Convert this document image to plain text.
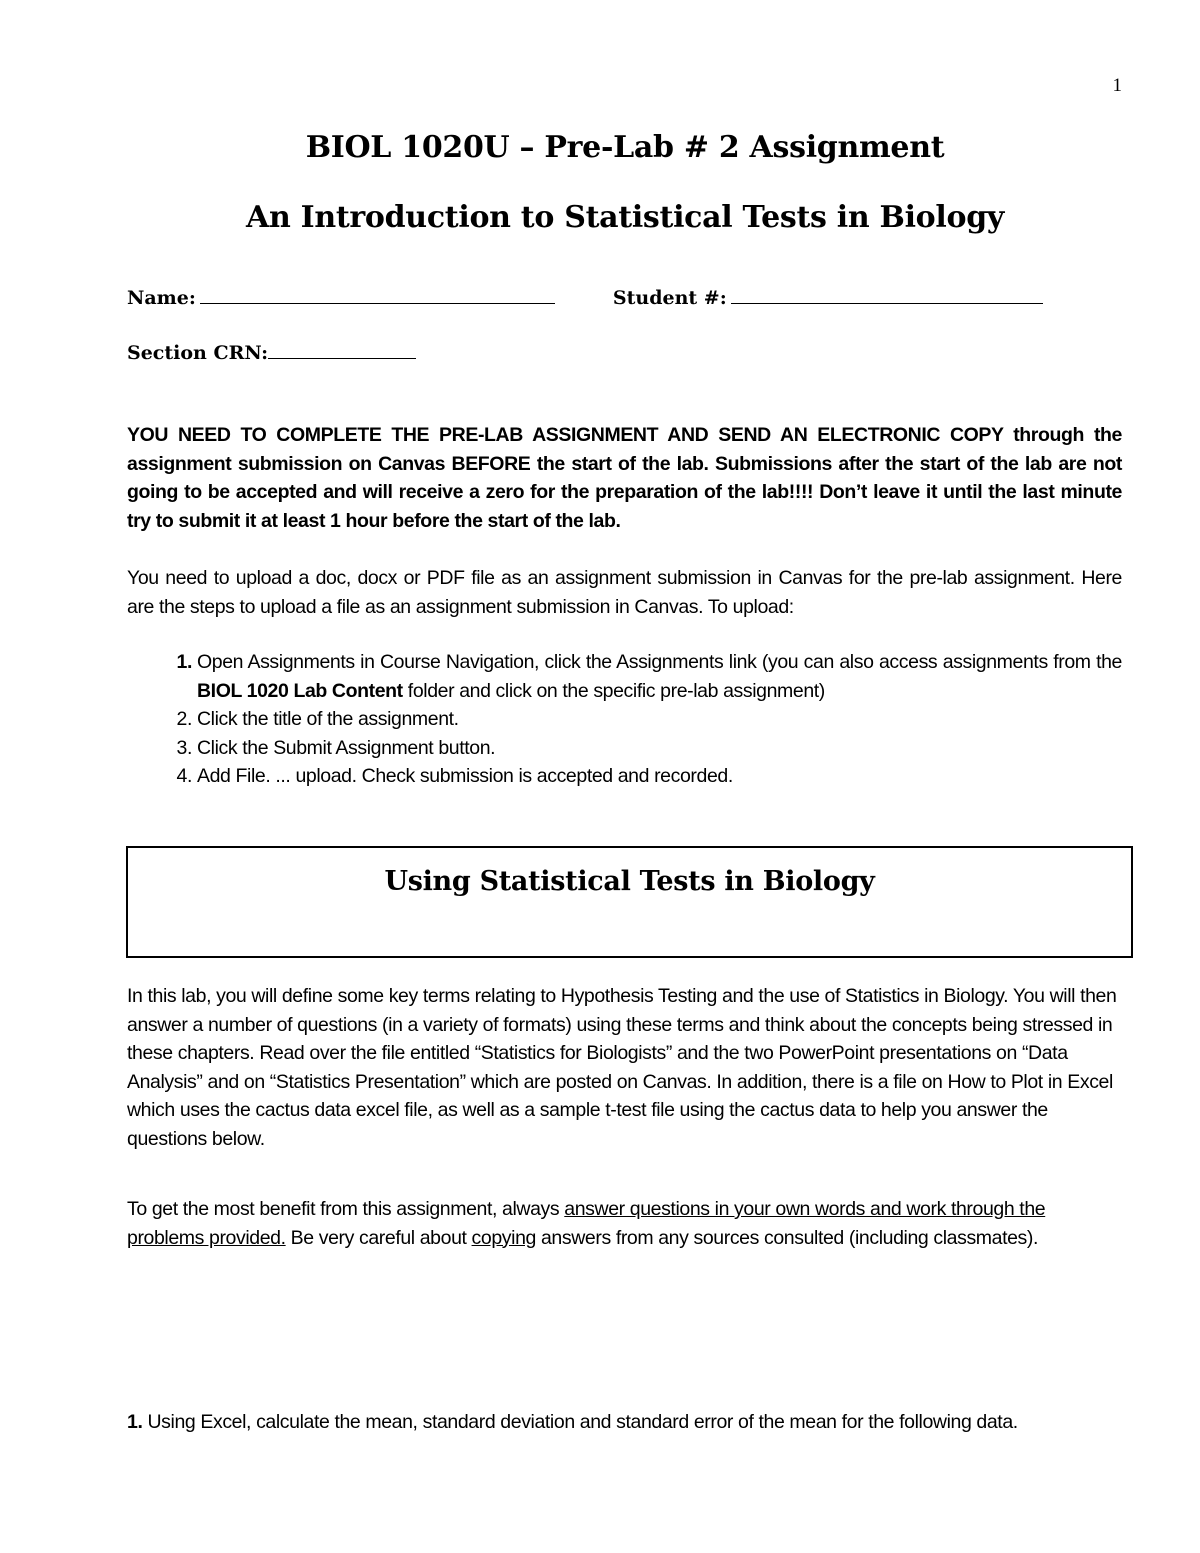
1
BIOL 1020U – Pre-Lab # 2 Assignment
An Introduction to Statistical Tests in Biology
Name:	Student #:
Section CRN:
YOU NEED TO COMPLETE THE PRE-LAB ASSIGNMENT AND SEND AN ELECTRONIC COPY through the assignment submission on Canvas BEFORE the start of the lab. Submissions after the start of the lab are not going to be accepted and will receive a zero for the preparation of the lab!!!! Don’t leave it until the last minute try to submit it at least 1 hour before the start of the lab.
You need to upload a doc, docx or PDF file as an assignment submission in Canvas for the pre-lab assignment. Here are the steps to upload a file as an assignment submission in Canvas. To upload:
1. Open Assignments in Course Navigation, click the Assignments link (you can also access assignments from the BIOL 1020 Lab Content folder and click on the specific pre-lab assignment)
2. Click the title of the assignment.
3. Click the Submit Assignment button.
4. Add File. ... upload. Check submission is accepted and recorded.
Using Statistical Tests in Biology
In this lab, you will define some key terms relating to Hypothesis Testing and the use of Statistics in Biology. You will then answer a number of questions (in a variety of formats) using these terms and think about the concepts being stressed in these chapters. Read over the file entitled “Statistics for Biologists” and the two PowerPoint presentations on “Data Analysis” and on “Statistics Presentation” which are posted on Canvas. In addition, there is a file on How to Plot in Excel which uses the cactus data excel file, as well as a sample t-test file using the cactus data to help you answer the questions below.
To get the most benefit from this assignment, always answer questions in your own words and work through the problems provided. Be very careful about copying answers from any sources consulted (including classmates).
1. Using Excel, calculate the mean, standard deviation and standard error of the mean for the following data.
